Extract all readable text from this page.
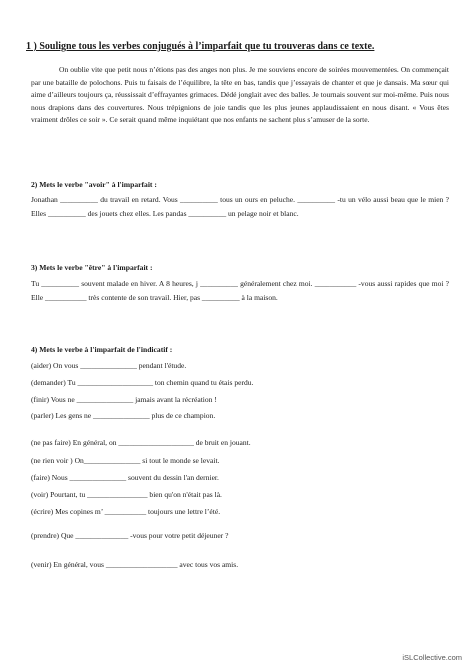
1 ) Souligne tous les verbes conjugués à l’imparfait que tu trouveras dans ce texte.

On oublie vite que petit nous n’étions pas des anges non plus. Je me souviens encore de soirées mouvementées. On commençait par une bataille de polochons. Puis tu faisais de l’équilibre, la tête en bas, tandis que j’essayais de chanter et que je dansais. Ma sœur qui aime d’ailleurs toujours ça, réussissait d’effrayantes grimaces. Dédé jonglait avec des balles. Je tournais souvent sur moi-même. Puis nous nous drapions dans des couvertures. Nous trépignions de joie tandis que les plus jeunes applaudissaient en nous disant. « Vous êtes vraiment drôles ce soir ». Ce serait quand même inquiétant que nos enfants ne sachent plus s’amuser de la sorte.

2) Mets le verbe "avoir" à l'imparfait :

Jonathan __________ du travail en retard. Vous __________ tous un ours en peluche. __________ -tu un vélo aussi beau que le mien ? Elles __________ des jouets chez elles. Les pandas __________ un pelage noir et blanc.

3) Mets le verbe "être" à l'imparfait :

Tu __________ souvent malade en hiver. A 8 heures, j __________ généralement chez moi. ___________ -vous aussi rapides que moi ? Elle ___________ très contente de son travail. Hier, pas __________ à la maison.

4) Mets le verbe à l'imparfait de l'indicatif :
(aider) On vous _______________ pendant l'étude.
(demander) Tu ____________________ ton chemin quand tu étais perdu.
(finir) Vous ne _______________ jamais avant la récréation !
(parler) Les gens ne _______________ plus de ce champion.
(ne pas faire) En général, on ____________________ de bruit en jouant.
(ne rien voir ) On_______________ si tout le monde se levait.
(faire) Nous _______________ souvent du dessin l'an dernier.
(voir) Pourtant, tu ________________ bien qu'on n'était pas là.
(écrire) Mes copines m’ ___________ toujours une lettre l’été.
(prendre) Que ______________ -vous pour votre petit déjeuner ?
(venir) En général, vous ___________________ avec tous vos amis.
iSLCollective.com
